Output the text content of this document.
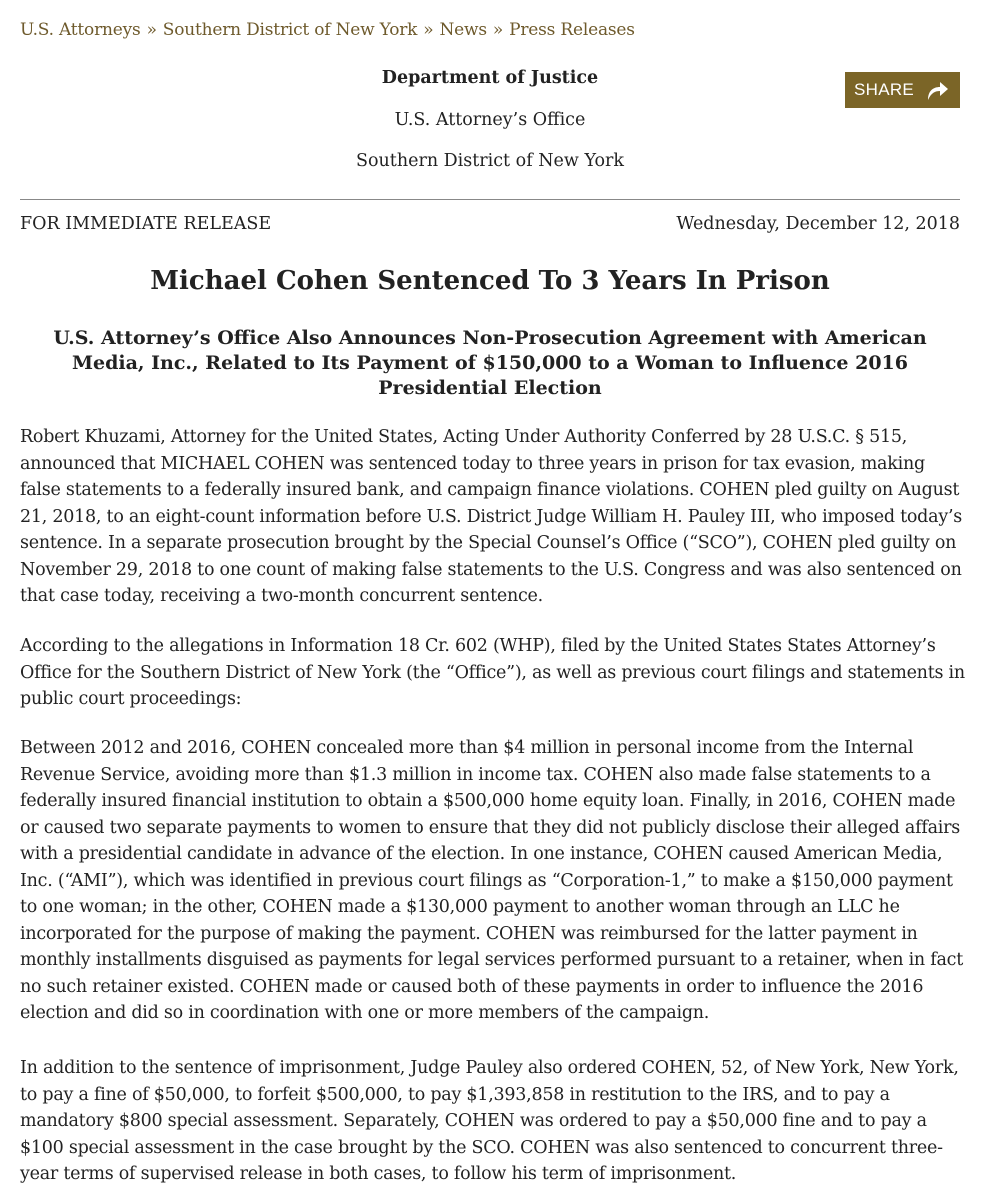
U.S. Attorneys » Southern District of New York » News » Press Releases
Department of Justice
U.S. Attorney’s Office
Southern District of New York
SHARE
FOR IMMEDIATE RELEASE	Wednesday, December 12, 2018
Michael Cohen Sentenced To 3 Years In Prison
U.S. Attorney’s Office Also Announces Non-Prosecution Agreement with American Media, Inc., Related to Its Payment of $150,000 to a Woman to Influence 2016 Presidential Election

Robert Khuzami, Attorney for the United States, Acting Under Authority Conferred by 28 U.S.C. § 515, announced that MICHAEL COHEN was sentenced today to three years in prison for tax evasion, making false statements to a federally insured bank, and campaign finance violations. COHEN pled guilty on August 21, 2018, to an eight-count information before U.S. District Judge William H. Pauley III, who imposed today’s sentence. In a separate prosecution brought by the Special Counsel’s Office (“SCO”), COHEN pled guilty on November 29, 2018 to one count of making false statements to the U.S. Congress and was also sentenced on that case today, receiving a two-month concurrent sentence.

According to the allegations in Information 18 Cr. 602 (WHP), filed by the United States States Attorney’s Office for the Southern District of New York (the “Office”), as well as previous court filings and statements in public court proceedings:

Between 2012 and 2016, COHEN concealed more than $4 million in personal income from the Internal Revenue Service, avoiding more than $1.3 million in income tax. COHEN also made false statements to a federally insured financial institution to obtain a $500,000 home equity loan. Finally, in 2016, COHEN made or caused two separate payments to women to ensure that they did not publicly disclose their alleged affairs with a presidential candidate in advance of the election. In one instance, COHEN caused American Media, Inc. (“AMI”), which was identified in previous court filings as “Corporation-1,” to make a $150,000 payment to one woman; in the other, COHEN made a $130,000 payment to another woman through an LLC he incorporated for the purpose of making the payment. COHEN was reimbursed for the latter payment in monthly installments disguised as payments for legal services performed pursuant to a retainer, when in fact no such retainer existed. COHEN made or caused both of these payments in order to influence the 2016 election and did so in coordination with one or more members of the campaign.

In addition to the sentence of imprisonment, Judge Pauley also ordered COHEN, 52, of New York, New York, to pay a fine of $50,000, to forfeit $500,000, to pay $1,393,858 in restitution to the IRS, and to pay a mandatory $800 special assessment. Separately, COHEN was ordered to pay a $50,000 fine and to pay a $100 special assessment in the case brought by the SCO. COHEN was also sentenced to concurrent three-year terms of supervised release in both cases, to follow his term of imprisonment.
